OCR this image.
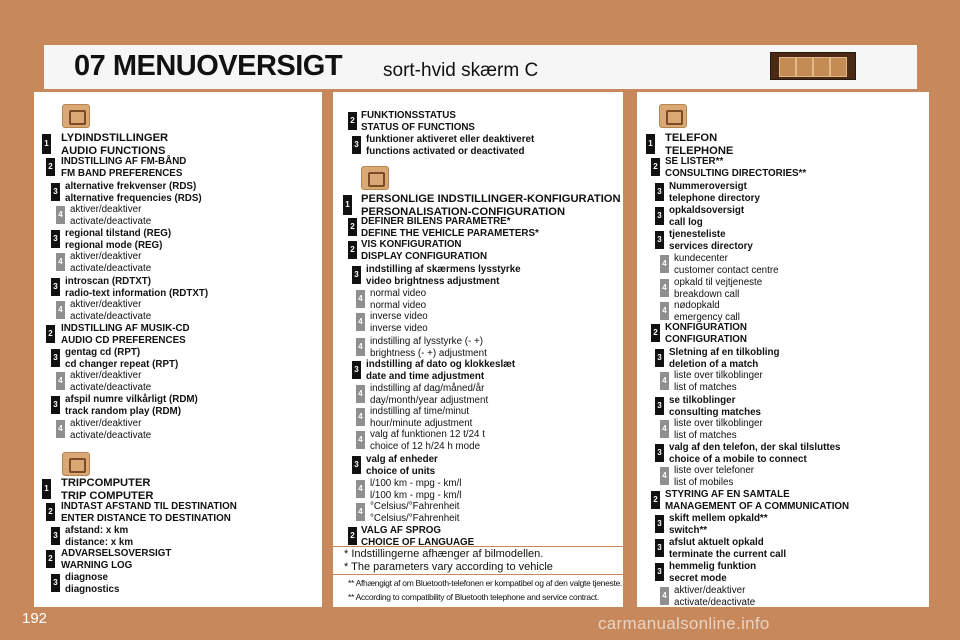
07 MENUOVERSIGT sort-hvid skærm C
* Indstillingerne afhænger af bilmodellen.
* The parameters vary according to vehicle
** Afhængigt af om Bluetooth-telefonen er kompatibel og af den valgte tjeneste.
** According to compatibility of Bluetooth telephone and service contract.
192	carmanualsonline.info
LYDINDSTILLINGER
AUDIO FUNCTIONS
1
INDSTILLING AF FM-BÅND
FM BAND PREFERENCES
2
alternative frekvenser (RDS)
alternative frequencies (RDS)
3
aktiver/deaktiver
activate/deactivate
4
regional tilstand (REG)
regional mode (REG)
3
aktiver/deaktiver
activate/deactivate
4
introscan (RDTXT)
radio-text information (RDTXT)
3
aktiver/deaktiver
activate/deactivate
4
INDSTILLING AF MUSIK-CD
AUDIO CD PREFERENCES
2
gentag cd (RPT)
cd changer repeat (RPT)
3
aktiver/deaktiver
activate/deactivate
4
afspil numre vilkårligt (RDM)
track random play (RDM)
3
aktiver/deaktiver
activate/deactivate
4
TRIPCOMPUTER
TRIP COMPUTER
1
INDTAST AFSTAND TIL DESTINATION
ENTER DISTANCE TO DESTINATION
2
afstand: x km
distance: x km
3
ADVARSELSOVERSIGT
WARNING LOG
2
diagnose
diagnostics
3
FUNKTIONSSTATUS
STATUS OF FUNCTIONS
2
funktioner aktiveret eller deaktiveret
functions activated or deactivated
3
PERSONLIGE INDSTILLINGER-KONFIGURATION
PERSONALISATION-CONFIGURATION
1
DEFINER BILENS PARAMETRE*
DEFINE THE VEHICLE PARAMETERS*
2
VIS KONFIGURATION
DISPLAY CONFIGURATION
2
indstilling af skærmens lysstyrke
video brightness adjustment
3
normal video
normal video
4
inverse video
inverse video
4
indstilling af lysstyrke (- +)
brightness (- +) adjustment
4
indstilling af dato og klokkeslæt
date and time adjustment
3
indstilling af dag/måned/år
day/month/year adjustment
4
indstilling af time/minut
hour/minute adjustment
4
valg af funktionen 12 t/24 t
choice of 12 h/24 h mode
4
valg af enheder
choice of units
3
l/100 km - mpg - km/l
l/100 km - mpg - km/l
4
°Celsius/°Fahrenheit
°Celsius/°Fahrenheit
4
VALG AF SPROG
CHOICE OF LANGUAGE
2
TELEFON
TELEPHONE
1
SE LISTER**
CONSULTING DIRECTORIES**
2
Nummeroversigt
telephone directory
3
opkaldsoversigt
call log
3
tjenesteliste
services directory
3
kundecenter
customer contact centre
4
opkald til vejtjeneste
breakdown call
4
nødopkald
emergency call
4
KONFIGURATION
CONFIGURATION
2
Sletning af en tilkobling
deletion of a match
3
liste over tilkoblinger
list of matches
4
se tilkoblinger
consulting matches
3
liste over tilkoblinger
list of matches
4
valg af den telefon, der skal tilsluttes
choice of a mobile to connect
3
liste over telefoner
list of mobiles
4
STYRING AF EN SAMTALE
MANAGEMENT OF A COMMUNICATION
2
skift mellem opkald**
switch**
3
afslut aktuelt opkald
terminate the current call
3
hemmelig funktion
secret mode
3
aktiver/deaktiver
activate/deactivate
4
